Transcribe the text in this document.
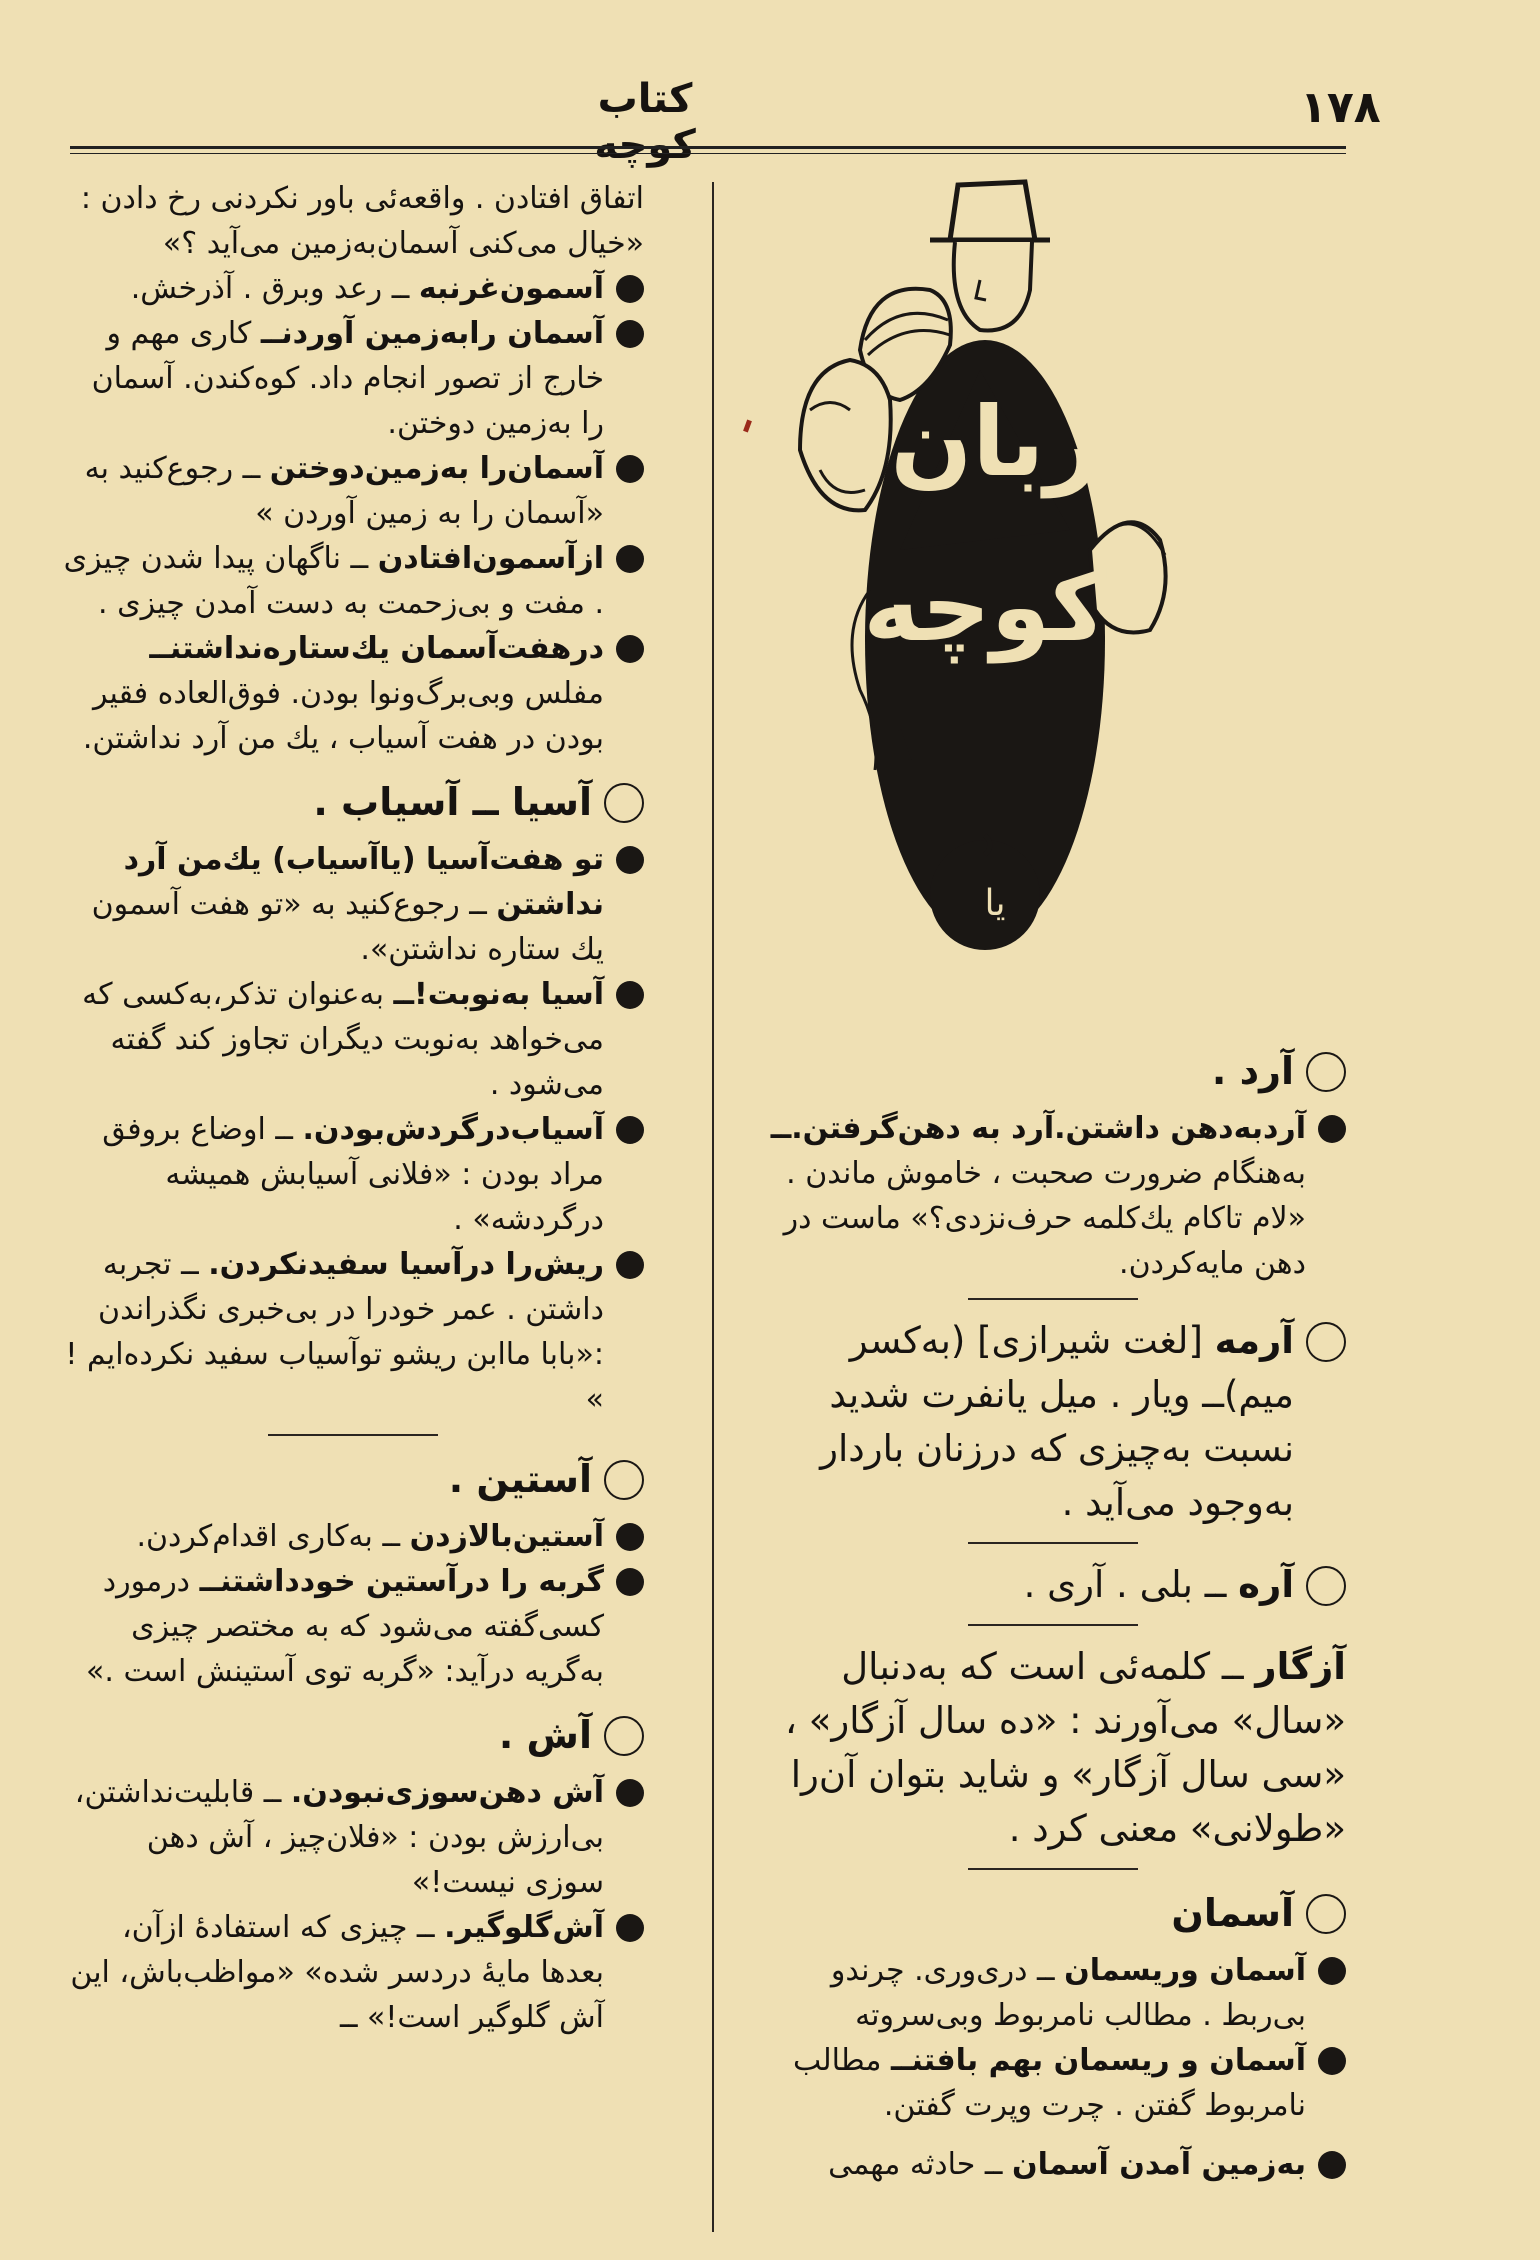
۱۷۸
کتاب کوچه
زبان
کوچه
يا

اتفاق افتادن . واقعه‌ئی باور نکردنی رخ دادن : «خیال می‌کنی آسمان‌به‌زمین می‌آید ؟»

آسمون‌غرنبه ــ رعد وبرق . آذرخش.
آسمان رابه‌زمین آوردنــ کاری مهم و خارج از تصور انجام داد. کوه‌کندن. آسمان را به‌زمین دوختن.
آسمان‌را به‌زمین‌دوختن ــ رجوع‌کنید به «آسمان را به زمین آوردن »
ازآسمون‌افتادن ــ ناگهان پیدا شدن چیزی . مفت و بی‌زحمت به دست آمدن چیزی .
درهفت‌آسمان یك‌ستاره‌نداشتنــ مفلس وبی‌برگ‌ونوا بودن. فوق‌العاده فقیر بودن در هفت آسیاب ، یك من آرد نداشتن.
آسیا ــ آسیاب .
تو هفت‌آسیا (یاآسیاب) یك‌من آرد نداشتن ــ رجوع‌کنید به «تو هفت آسمون یك ستاره نداشتن».
آسیا به‌نوبت!ــ به‌عنوان تذکر،به‌کسی که می‌خواهد به‌نوبت دیگران تجاوز کند گفته می‌شود .
آسیاب‌درگردش‌بودن. ــ اوضاع بروفق مراد بودن : «فلانی آسیابش همیشه درگردشه» .
ریش‌را درآسیا سفیدنکردن. ــ تجربه داشتن . عمر خودرا در بی‌خبری نگذراندن :«بابا ماابن ریشو توآسیاب سفید نکرده‌ایم ! »
آستین .
آستین‌بالازدن ــ به‌کاری اقدام‌کردن.
گربه را درآستین خودداشتنــ درمورد کسی‌گفته می‌شود که به مختصر چیزی به‌گریه درآید: «گربه توی آستینش است .»
آش .
آش دهن‌سوزی‌نبودن. ــ قابلیت‌نداشتن، بی‌ارزش بودن : «فلان‌چیز ، آش دهن سوزی نیست!»
آش‌گلوگیر. ــ چیزی که استفادهٔ ازآن، بعدها مایهٔ دردسر شده» «مواظب‌باش، این آش گلوگیر است!» ــ
آرد .
آردبه‌دهن داشتن.آرد به دهن‌گرفتن.ــ به‌هنگام ضرورت صحبت ، خاموش ماندن . «لام تاکام یك‌کلمه حرف‌نزدی؟» ماست در دهن مایه‌کردن.
آرمه [لغت شیرازی] (به‌کسر میم)ــ ویار . میل یانفرت شدید نسبت به‌چیزی که درزنان باردار به‌وجود می‌آید .
آره ــ بلی . آری .

آزگار ــ کلمه‌ئی است که به‌دنبال «سال» می‌آورند : «ده سال آزگار» ، «سی سال آزگار» و شاید بتوان آن‌را «طولانی» معنی کرد .

آسمان
آسمان وریسمان ــ دری‌وری. چرندو بی‌ربط . مطالب نامربوط وبی‌سروته
آسمان و ریسمان بهم بافتنــ مطالب نامربوط گفتن . چرت وپرت گفتن.
به‌زمین آمدن آسمان ــ حادثه مهمی
